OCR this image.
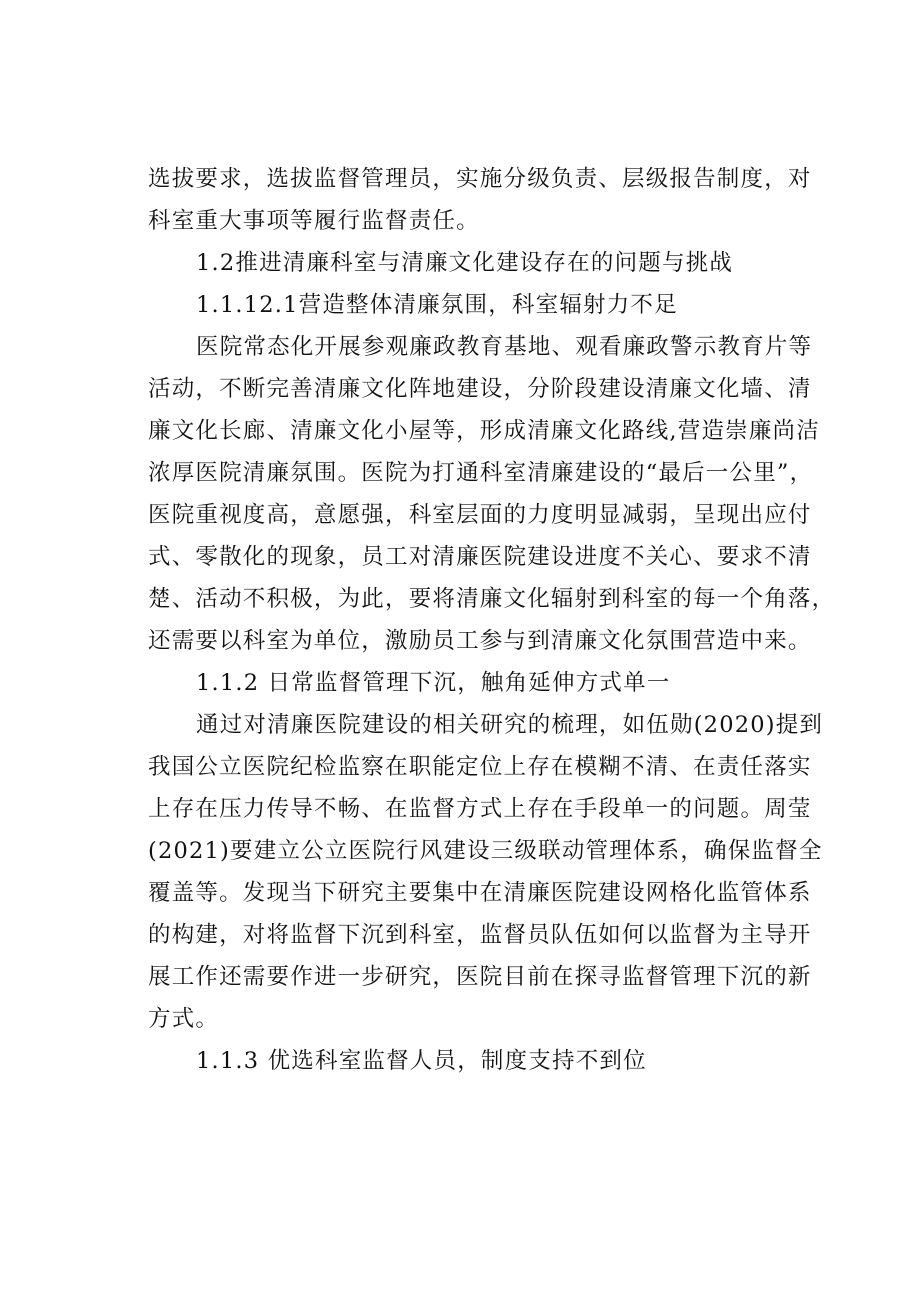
选拔要求，选拔监督管理员，实施分级负责、层级报告制度，对
科室重大事项等履行监督责任。
1.2推进清廉科室与清廉文化建设存在的问题与挑战
1.1.12.1营造整体清廉氛围，科室辐射力不足
医院常态化开展参观廉政教育基地、观看廉政警示教育片等
活动，不断完善清廉文化阵地建设，分阶段建设清廉文化墙、清
廉文化长廊、清廉文化小屋等，形成清廉文化路线,营造崇廉尚洁
浓厚医院清廉氛围。医院为打通科室清廉建设的“最后一公里”，
医院重视度高，意愿强，科室层面的力度明显减弱，呈现出应付
式、零散化的现象，员工对清廉医院建设进度不关心、要求不清
楚、活动不积极，为此，要将清廉文化辐射到科室的每一个角落，
还需要以科室为单位，激励员工参与到清廉文化氛围营造中来。
1.1.2 日常监督管理下沉，触角延伸方式单一
通过对清廉医院建设的相关研究的梳理，如伍勋(2020)提到
我国公立医院纪检监察在职能定位上存在模糊不清、在责任落实
上存在压力传导不畅、在监督方式上存在手段单一的问题。周莹
(2021)要建立公立医院行风建设三级联动管理体系，确保监督全
覆盖等。发现当下研究主要集中在清廉医院建设网格化监管体系
的构建，对将监督下沉到科室，监督员队伍如何以监督为主导开
展工作还需要作进一步研究，医院目前在探寻监督管理下沉的新
方式。
1.1.3 优选科室监督人员，制度支持不到位
